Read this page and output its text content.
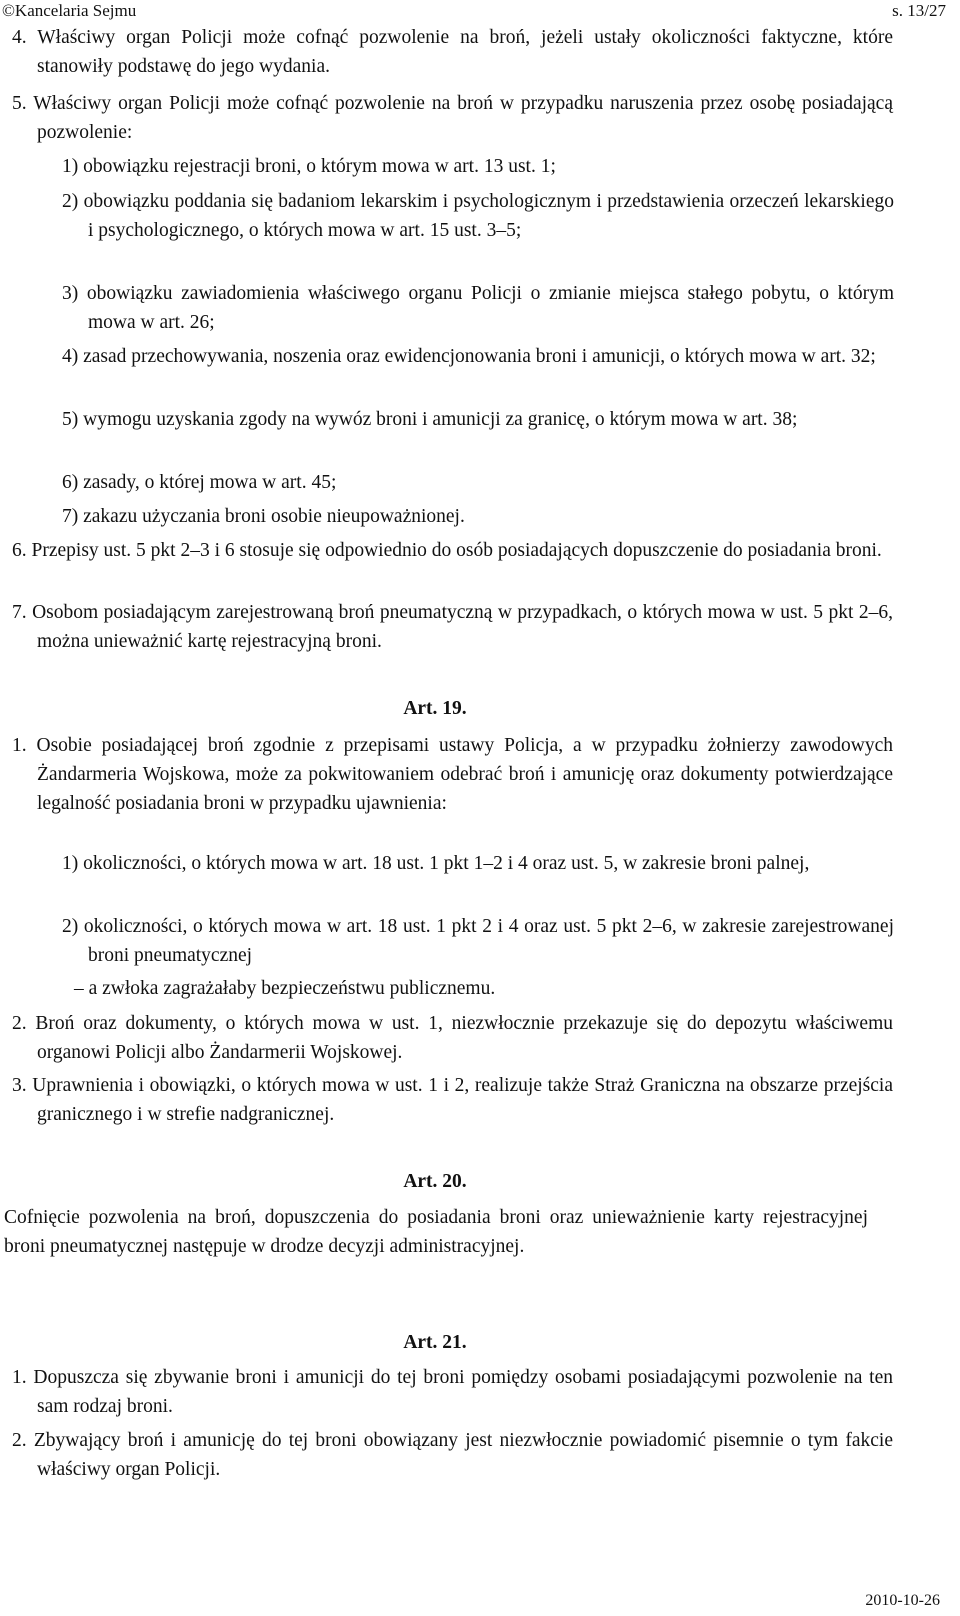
©Kancelaria Sejmu	s. 13/27

4. Właściwy organ Policji może cofnąć pozwolenie na broń, jeżeli ustały okoliczności faktyczne, które stanowiły podstawę do jego wydania.

5. Właściwy organ Policji może cofnąć pozwolenie na broń w przypadku naruszenia przez osobę posiadającą pozwolenie:

1) obowiązku rejestracji broni, o którym mowa w art. 13 ust. 1;

2) obowiązku poddania się badaniom lekarskim i psychologicznym i przedstawienia orzeczeń lekarskiego i psychologicznego, o których mowa w art. 15 ust. 3–5;

3) obowiązku zawiadomienia właściwego organu Policji o zmianie miejsca stałego pobytu, o którym mowa w art. 26;

4) zasad przechowywania, noszenia oraz ewidencjonowania broni i amunicji, o których mowa w art. 32;

5) wymogu uzyskania zgody na wywóz broni i amunicji za granicę, o którym mowa w art. 38;

6) zasady, o której mowa w art. 45;

7) zakazu użyczania broni osobie nieupoważnionej.

6. Przepisy ust. 5 pkt 2–3 i 6 stosuje się odpowiednio do osób posiadających dopuszczenie do posiadania broni.

7. Osobom posiadającym zarejestrowaną broń pneumatyczną w przypadkach, o których mowa w ust. 5 pkt 2–6, można unieważnić kartę rejestracyjną broni.

Art. 19.

1. Osobie posiadającej broń zgodnie z przepisami ustawy Policja, a w przypadku żołnierzy zawodowych Żandarmeria Wojskowa, może za pokwitowaniem odebrać broń i amunicję oraz dokumenty potwierdzające legalność posiadania broni w przypadku ujawnienia:

1) okoliczności, o których mowa w art. 18 ust. 1 pkt 1–2 i 4 oraz ust. 5, w zakresie broni palnej,

2) okoliczności, o których mowa w art. 18 ust. 1 pkt 2 i 4 oraz ust. 5 pkt 2–6, w zakresie zarejestrowanej broni pneumatycznej

– a zwłoka zagrażałaby bezpieczeństwu publicznemu.

2. Broń oraz dokumenty, o których mowa w ust. 1, niezwłocznie przekazuje się do depozytu właściwemu organowi Policji albo Żandarmerii Wojskowej.

3. Uprawnienia i obowiązki, o których mowa w ust. 1 i 2, realizuje także Straż Graniczna na obszarze przejścia granicznego i w strefie nadgranicznej.

Art. 20.

Cofnięcie pozwolenia na broń, dopuszczenia do posiadania broni oraz unieważnienie karty rejestracyjnej broni pneumatycznej następuje w drodze decyzji administracyjnej.

Art. 21.

1. Dopuszcza się zbywanie broni i amunicji do tej broni pomiędzy osobami posiadającymi pozwolenie na ten sam rodzaj broni.

2. Zbywający broń i amunicję do tej broni obowiązany jest niezwłocznie powiadomić pisemnie o tym fakcie właściwy organ Policji.

2010-10-26
